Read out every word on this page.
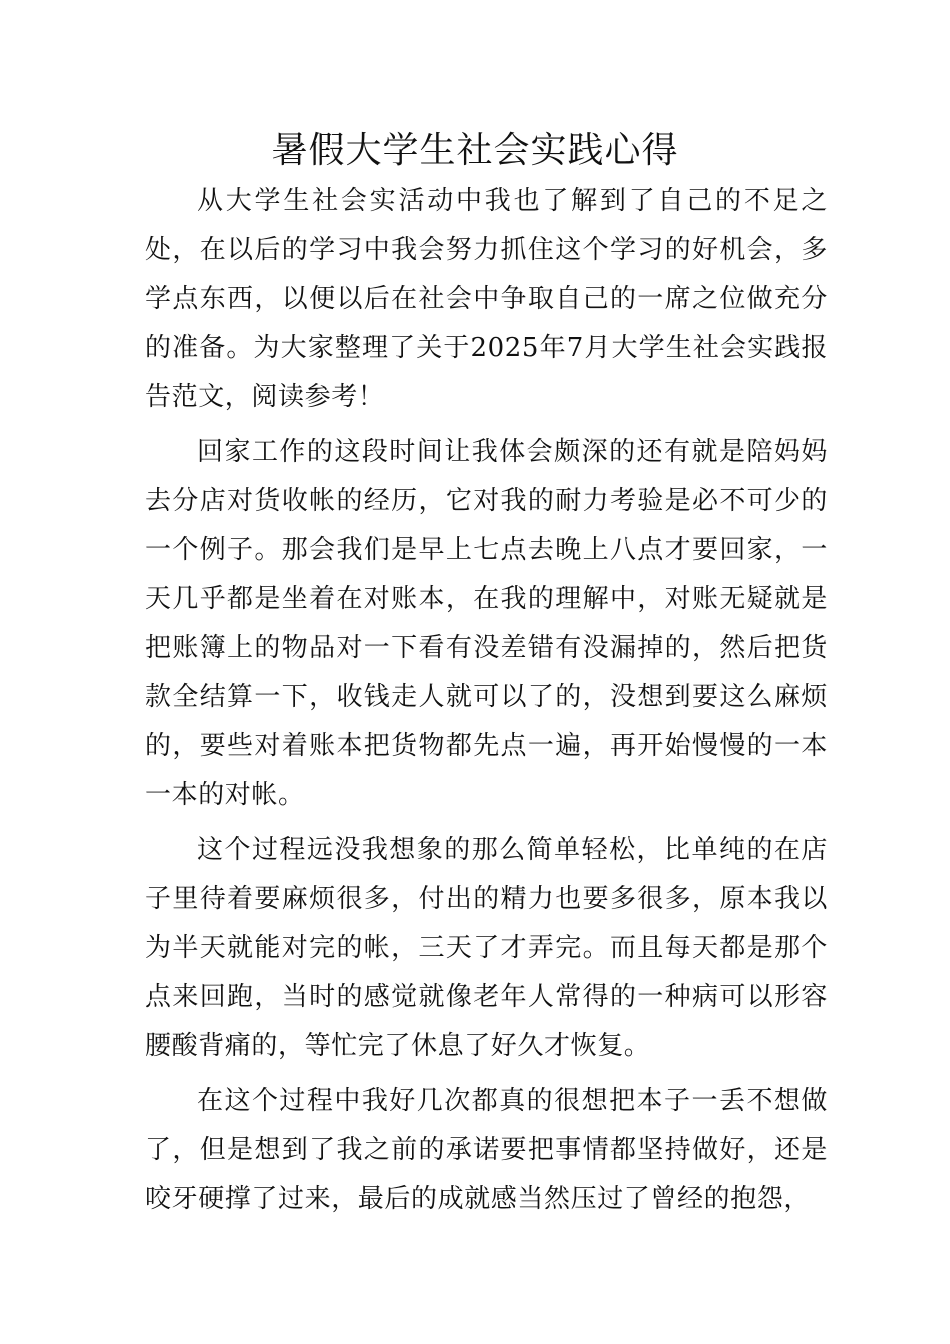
暑假大学生社会实践心得

从大学生社会实活动中我也了解到了自己的不足之处，在以后的学习中我会努力抓住这个学习的好机会，多学点东西，以便以后在社会中争取自己的一席之位做充分的准备。为大家整理了关于2025年7月大学生社会实践报告范文，阅读参考！

回家工作的这段时间让我体会颇深的还有就是陪妈妈去分店对货收帐的经历，它对我的耐力考验是必不可少的一个例子。那会我们是早上七点去晚上八点才要回家，一天几乎都是坐着在对账本，在我的理解中，对账无疑就是把账簿上的物品对一下看有没差错有没漏掉的，然后把货款全结算一下，收钱走人就可以了的，没想到要这么麻烦的，要些对着账本把货物都先点一遍，再开始慢慢的一本一本的对帐。

这个过程远没我想象的那么简单轻松，比单纯的在店子里待着要麻烦很多，付出的精力也要多很多，原本我以为半天就能对完的帐，三天了才弄完。而且每天都是那个点来回跑，当时的感觉就像老年人常得的一种病可以形容腰酸背痛的，等忙完了休息了好久才恢复。

在这个过程中我好几次都真的很想把本子一丢不想做了，但是想到了我之前的承诺要把事情都坚持做好，还是咬牙硬撑了过来，最后的成就感当然压过了曾经的抱怨，
